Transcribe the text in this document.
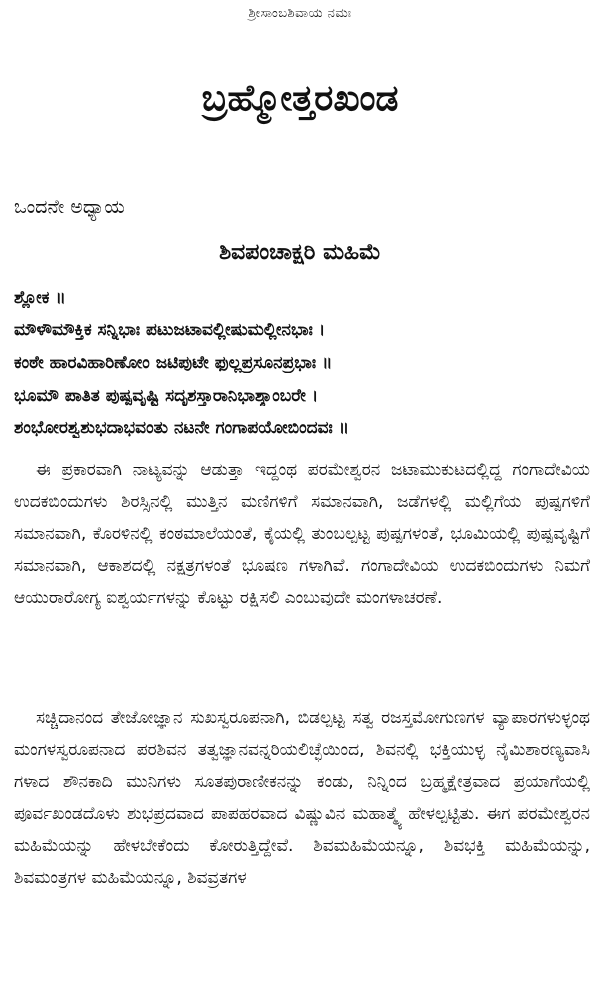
ಶ್ರೀಸಾಂಬಶಿವಾಯ ನಮಃ
ಬ್ರಹ್ಮೋತ್ತರಖಂಡ
ಒಂದನೇ ಅಧ್ಯಾಯ
ಶಿವಪಂಚಾಕ್ಷರಿ ಮಹಿಮೆ
ಶ್ಲೋಕ ॥
ಮೌಳೌಮೌಕ್ತಿಕ ಸನ್ನಿಭಾಃ ಪಟುಜಟಾವಲ್ಲೀಷುಮಲ್ಲೀನಭಾಃ ।
ಕಂಠೇ ಹಾರವಿಹಾರಿಣೋಂ ಜಟಿಪುಟೇ ಫುಲ್ಲಪ್ರಸೂನಪ್ರಭಾಃ ॥
ಭೂಮೌ ಪಾತಿತ ಪುಷ್ಪವೃಷ್ಟಿ ಸದೃಶಸ್ತಾರಾನಿಭಾಶ್ಶಾಂಬರೇ ।
ಶಂಭೋರಶ್ವಶುಭದಾಭವಂತು ನಟನೇ ಗಂಗಾಪಯೋಬಿಂದವಃ ॥
ಈ ಪ್ರಕಾರವಾಗಿ ನಾಟ್ಯವನ್ನು ಆಡುತ್ತಾ ಇದ್ದಂಥ ಪರಮೇಶ್ವರನ ಜಟಾಮುಕುಟದಲ್ಲಿದ್ದ ಗಂಗಾದೇವಿಯ ಉದಕಬಿಂದುಗಳು ಶಿರಸ್ಸಿನಲ್ಲಿ ಮುತ್ತಿನ ಮಣಿಗಳಿಗೆ ಸಮಾನವಾಗಿ, ಜಡೆಗಳಲ್ಲಿ ಮಲ್ಲಿಗೆಯ ಪುಷ್ಪಗಳಿಗೆ ಸಮಾನವಾಗಿ, ಕೊರಳಿನಲ್ಲಿ ಕಂಠಮಾಲೆಯಂತೆ, ಕೈಯಲ್ಲಿ ತುಂಬಲ್ಪಟ್ಟ ಪುಷ್ಪಗಳಂತೆ, ಭೂಮಿಯಲ್ಲಿ ಪುಷ್ಪವೃಷ್ಟಿಗೆ ಸಮಾನವಾಗಿ, ಆಕಾಶದಲ್ಲಿ ನಕ್ಷತ್ರಗಳಂತೆ ಭೂಷಣ ಗಳಾಗಿವೆ. ಗಂಗಾದೇವಿಯ ಉದಕಬಿಂದುಗಳು ನಿಮಗೆ ಆಯುರಾರೋಗ್ಯ ಐಶ್ವರ್ಯಗಳನ್ನು ಕೊಟ್ಟು ರಕ್ಷಿಸಲಿ ಎಂಬುವುದೇ ಮಂಗಳಾಚರಣೆ.
ಸಚ್ಚಿದಾನಂದ ತೇಜೋಜ್ಞಾನ ಸುಖಸ್ವರೂಪನಾಗಿ, ಬಿಡಲ್ಪಟ್ಟ ಸತ್ವ ರಜಸ್ತಮೋಗುಣಗಳ ವ್ಯಾಪಾರಗಳುಳ್ಳಂಥ ಮಂಗಳಸ್ವರೂಪನಾದ ಪರಶಿವನ ತತ್ವಜ್ಞಾನವನ್ನರಿಯಲಿಚ್ಛೆಯಿಂದ, ಶಿವನಲ್ಲಿ ಭಕ್ತಿಯುಳ್ಳ ನೈಮಿಶಾರಣ್ಯವಾಸಿ ಗಳಾದ ಶೌನಕಾದಿ ಮುನಿಗಳು ಸೂತಪುರಾಣೀಕನನ್ನು ಕಂಡು, ನಿನ್ನಿಂದ ಬ್ರಹ್ಮಕ್ಷೇತ್ರವಾದ ಪ್ರಯಾಗೆಯಲ್ಲಿ ಪೂರ್ವಖಂಡದೊಳು ಶುಭಪ್ರದವಾದ ಪಾಪಹರವಾದ ವಿಷ್ಣುವಿನ ಮಹಾತ್ಮ್ಯೆ ಹೇಳಲ್ಪಟ್ಟಿತು. ಈಗ ಪರಮೇಶ್ವರನ ಮಹಿಮೆಯನ್ನು ಹೇಳಬೇಕೆಂದು ಕೋರುತ್ತಿದ್ದೇವೆ. ಶಿವಮಹಿಮೆಯನ್ನೂ, ಶಿವಭಕ್ತಿ ಮಹಿಮೆಯನ್ನು, ಶಿವಮಂತ್ರಗಳ ಮಹಿಮೆಯನ್ನೂ, ಶಿವವ್ರತಗಳ
